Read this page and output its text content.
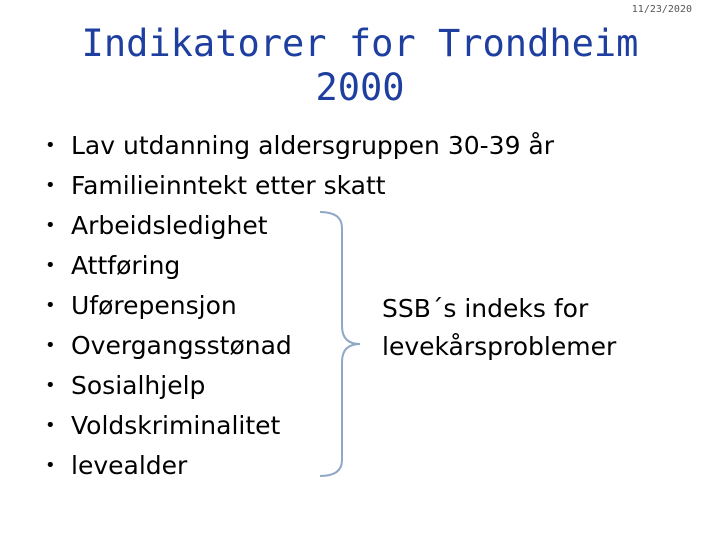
11/23/2020
Indikatorer for Trondheim
2000
• Lav utdanning aldersgruppen 30-39 år
• Familieinntekt etter skatt
• Arbeidsledighet
• Attføring
• Uførepensjon
• Overgangsstønad
• Sosialhjelp
• Voldskriminalitet
• levealder
SSB´s indeks for
levekårsproblemer
